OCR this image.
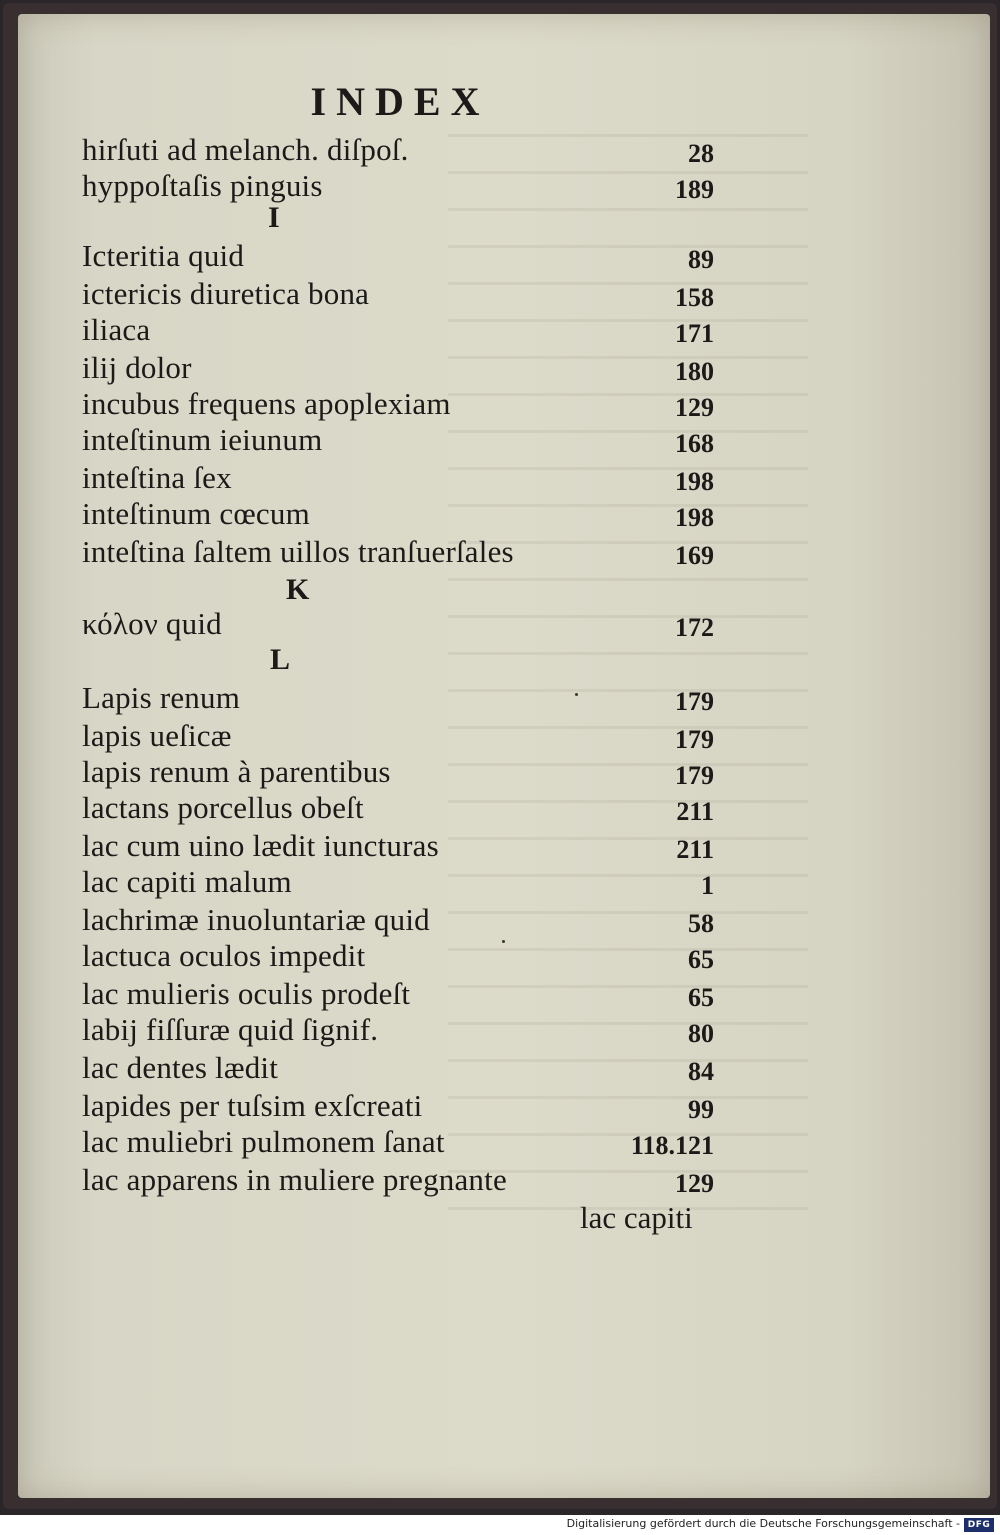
INDEX
hirſuti ad melanch. diſpoſ.	28
hyppoſtaſis pinguis	189
I
Icteritia quid	89
ictericis diuretica bona	158
iliaca	171
ilij dolor	180
incubus frequens apoplexiam	129
inteſtinum ieiunum	168
inteſtina ſex	198
inteſtinum cœcum	198
inteſtina ſaltem uillos tranſuerſales	169
K
κόλον quid	172
L
Lapis renum	179
lapis ueſicæ	179
lapis renum à parentibus	179
lactans porcellus obeſt	211
lac cum uino lædit iuncturas	211
lac capiti malum	1
lachrimæ inuoluntariæ quid	58
lactuca oculos impedit	65
lac mulieris oculis prodeſt	65
labij fiſſuræ quid ſignif.	80
lac dentes lædit	84
lapides per tuſsim exſcreati	99
lac muliebri pulmonem ſanat	118.121
lac apparens in muliere pregnante	129
lac capiti
Digitalisierung gefördert durch die Deutsche Forschungsgemeinschaft - DFG
